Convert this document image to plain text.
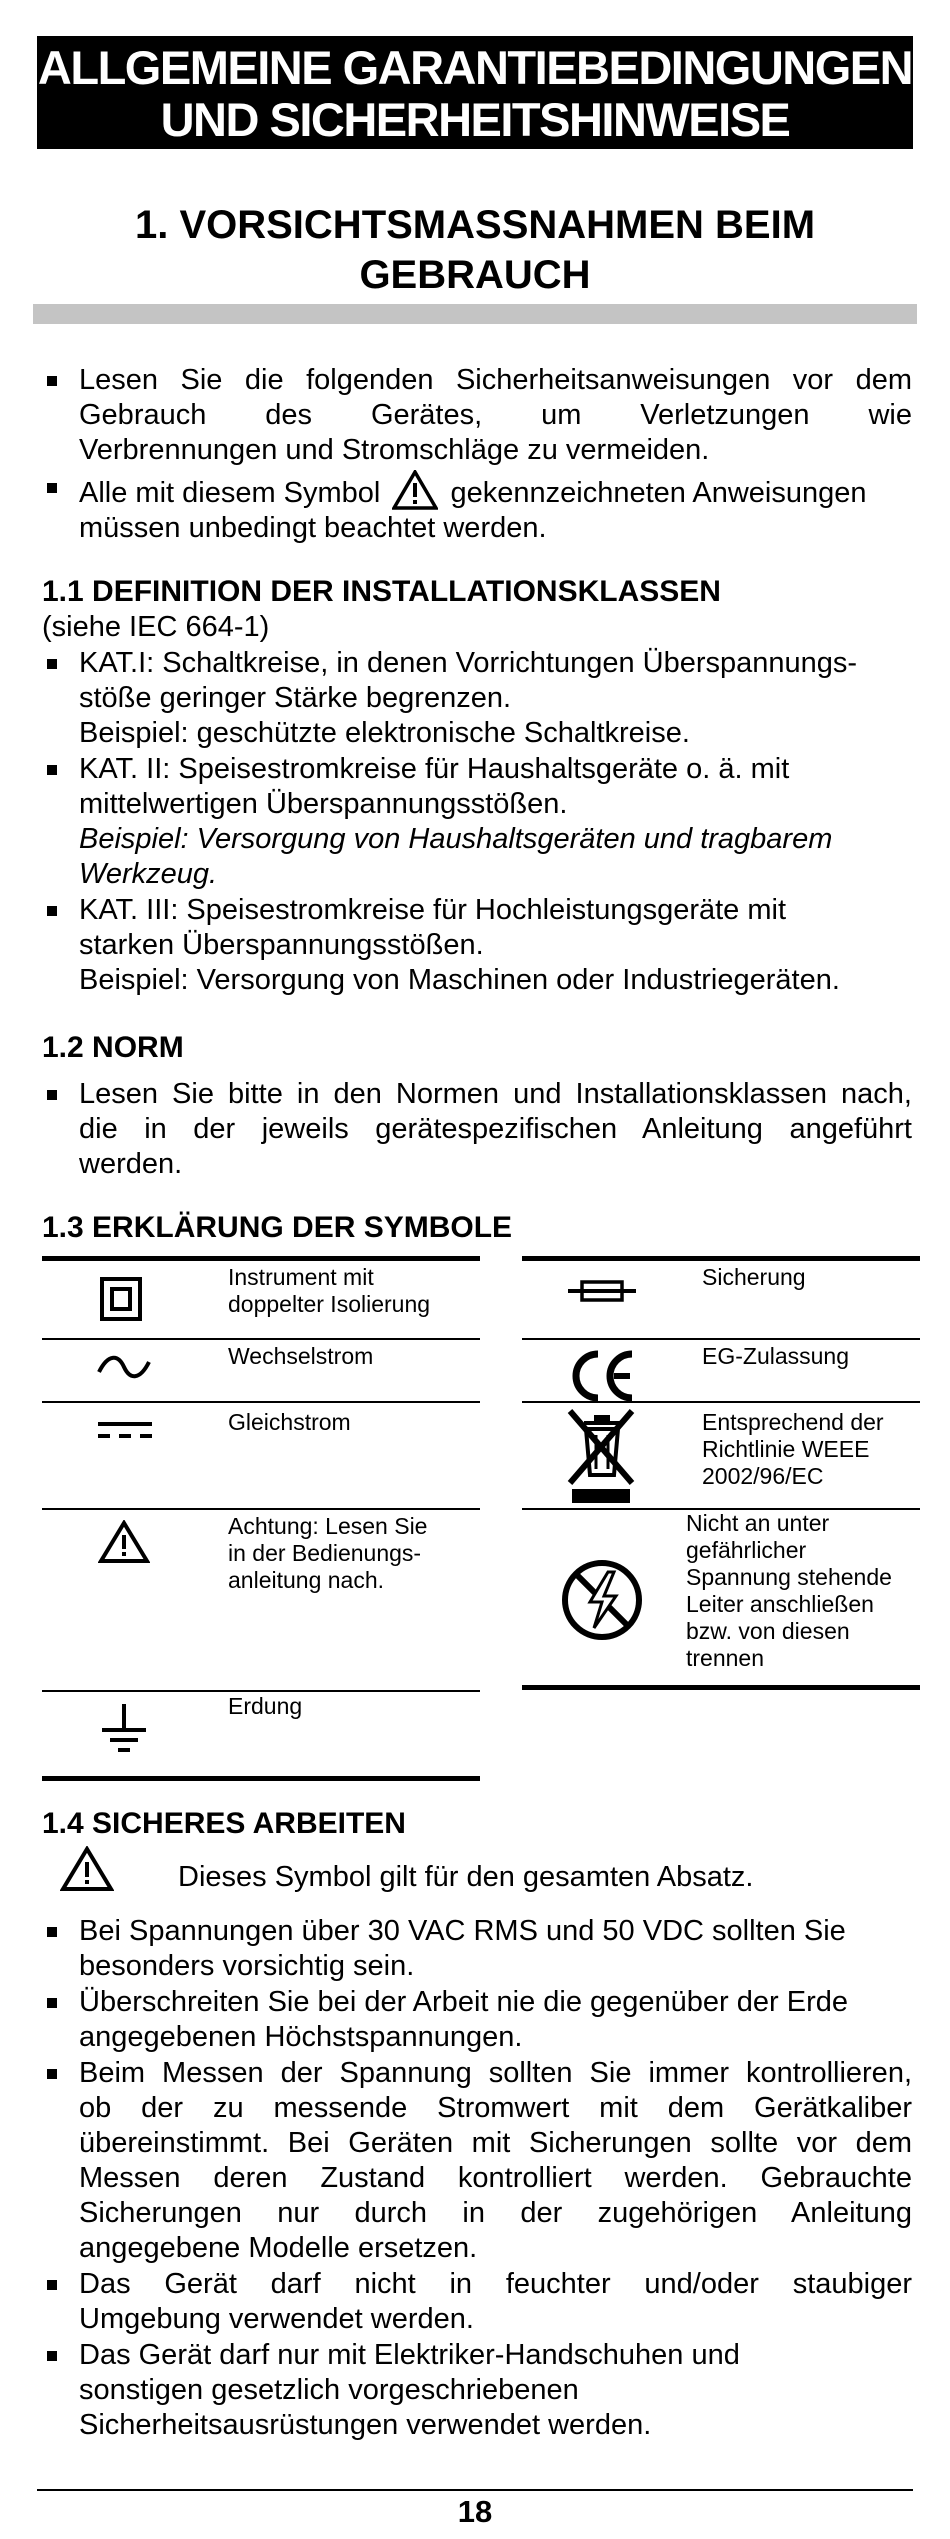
ALLGEMEINE GARANTIEBEDINGUNGEN
UND SICHERHEITSHINWEISE
1. VORSICHTSMASSNAHMEN BEIM
GEBRAUCH
Lesen Sie die folgenden Sicherheitsanweisungen vor dem
Gebrauch des Gerätes, um Verletzungen wie
Verbrennungen und Stromschläge zu vermeiden.
Alle mit diesem Symbol gekennzeichneten Anweisungen
müssen unbedingt beachtet werden.
1.1 DEFINITION DER INSTALLATIONSKLASSEN
(siehe IEC 664-1)
KAT.I: Schaltkreise, in denen Vorrichtungen Überspannungs-
stöße geringer Stärke begrenzen.
Beispiel: geschützte elektronische Schaltkreise.
KAT. II: Speisestromkreise für Haushaltsgeräte o. ä. mit
mittelwertigen Überspannungsstößen.
Beispiel: Versorgung von Haushaltsgeräten und tragbarem
Werkzeug.
KAT. III: Speisestromkreise für Hochleistungsgeräte mit
starken Überspannungsstößen.
Beispiel: Versorgung von Maschinen oder Industriegeräten.
1.2 NORM
Lesen Sie bitte in den Normen und Installationsklassen nach,
die in der jeweils gerätespezifischen Anleitung angeführt
werden.
1.3 ERKLÄRUNG DER SYMBOLE
Instrument mit
doppelter Isolierung
Wechselstrom
Gleichstrom
Achtung: Lesen Sie
in der Bedienungs-
anleitung nach.
Erdung
Sicherung
EG-Zulassung
Entsprechend der
Richtlinie WEEE
2002/96/EC
Nicht an unter
gefährlicher
Spannung stehende
Leiter anschließen
bzw. von diesen
trennen
1.4 SICHERES ARBEITEN
Dieses Symbol gilt für den gesamten Absatz.
Bei Spannungen über 30 VAC RMS und 50 VDC sollten Sie
besonders vorsichtig sein.
Überschreiten Sie bei der Arbeit nie die gegenüber der Erde
angegebenen Höchstspannungen.
Beim Messen der Spannung sollten Sie immer kontrollieren,
ob der zu messende Stromwert mit dem Gerätkaliber
übereinstimmt. Bei Geräten mit Sicherungen sollte vor dem
Messen deren Zustand kontrolliert werden. Gebrauchte
Sicherungen nur durch in der zugehörigen Anleitung
angegebene Modelle ersetzen.
Das Gerät darf nicht in feuchter und/oder staubiger
Umgebung verwendet werden.
Das Gerät darf nur mit Elektriker-Handschuhen und
sonstigen gesetzlich vorgeschriebenen
Sicherheitsausrüstungen verwendet werden.
18
